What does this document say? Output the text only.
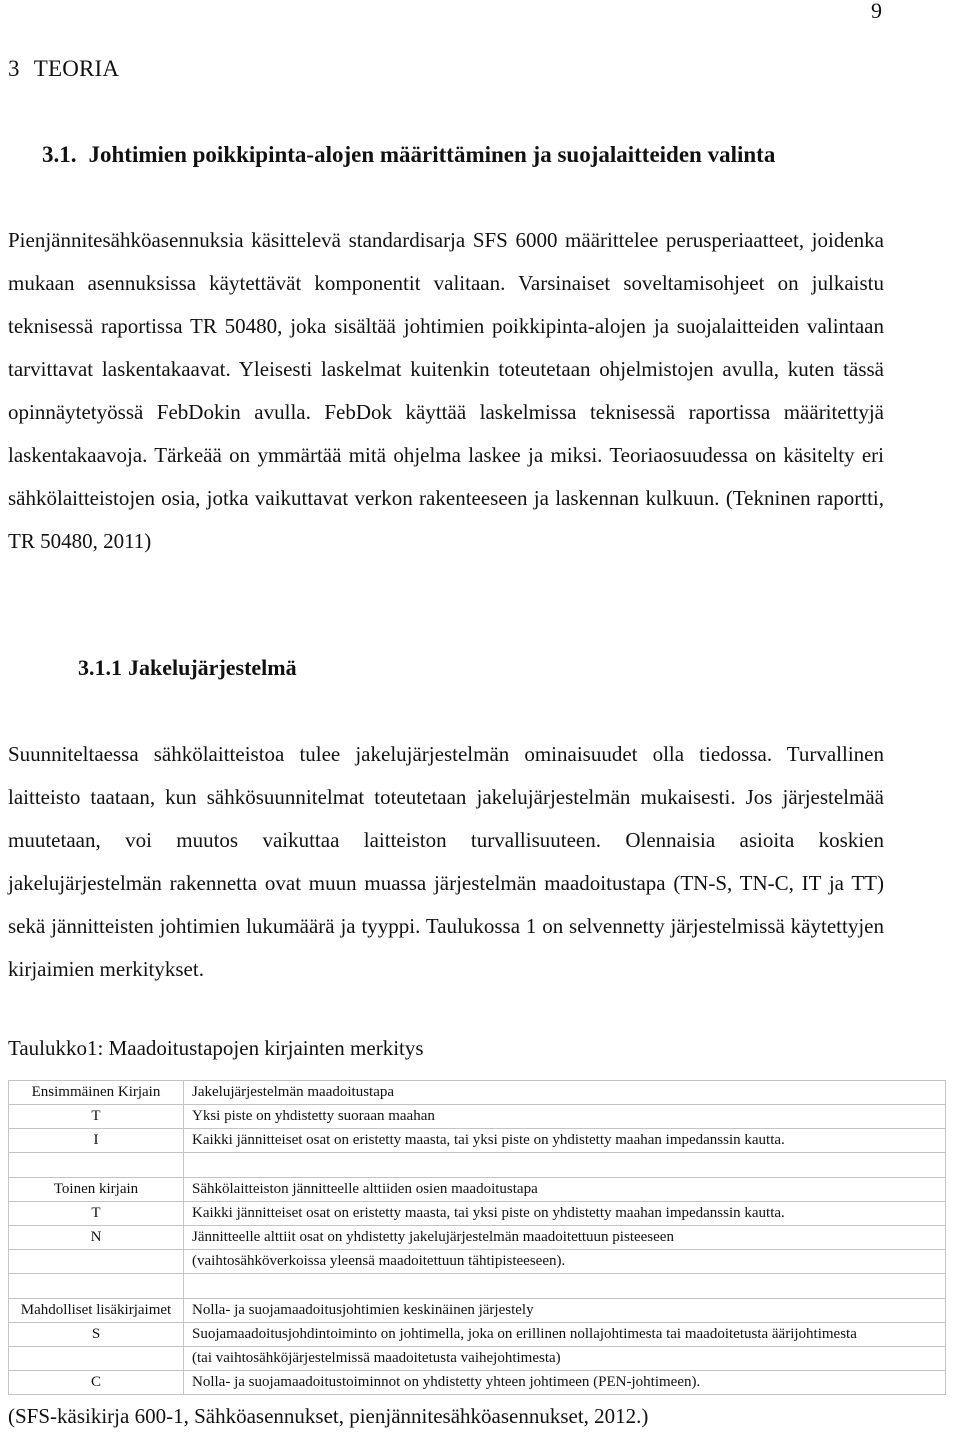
9
3 TEORIA
3.1. Johtimien poikkipinta-alojen määrittäminen ja suojalaitteiden valinta

Pienjännitesähköasennuksia käsittelevä standardisarja SFS 6000 määrittelee perusperiaatteet, joidenka mukaan asennuksissa käytettävät komponentit valitaan. Varsinaiset soveltamisohjeet on julkaistu teknisessä raportissa TR 50480, joka sisältää johtimien poikkipinta-alojen ja suojalaitteiden valintaan tarvittavat laskentakaavat. Yleisesti laskelmat kuitenkin toteutetaan ohjelmistojen avulla, kuten tässä opinnäytetyössä FebDokin avulla. FebDok käyttää laskelmissa teknisessä raportissa määritettyjä laskentakaavoja. Tärkeää on ymmärtää mitä ohjelma laskee ja miksi. Teoriaosuudessa on käsitelty eri sähkölaitteistojen osia, jotka vaikuttavat verkon rakenteeseen ja laskennan kulkuun. (Tekninen raportti, TR 50480, 2011)

3.1.1 Jakelujärjestelmä

Suunniteltaessa sähkölaitteistoa tulee jakelujärjestelmän ominaisuudet olla tiedossa. Turvallinen laitteisto taataan, kun sähkösuunnitelmat toteutetaan jakelujärjestelmän mukaisesti. Jos järjestelmää muutetaan, voi muutos vaikuttaa laitteiston turvallisuuteen. Olennaisia asioita koskien jakelujärjestelmän rakennetta ovat muun muassa järjestelmän maadoitustapa (TN-S, TN-C, IT ja TT) sekä jännitteisten johtimien lukumäärä ja tyyppi. Taulukossa 1 on selvennetty järjestelmissä käytettyjen kirjaimien merkitykset.

Taulukko1: Maadoitustapojen kirjainten merkitys
Ensimmäinen Kirjain	Jakelujärjestelmän maadoitustapa
T	Yksi piste on yhdistetty suoraan maahan
I	Kaikki jännitteiset osat on eristetty maasta, tai yksi piste on yhdistetty maahan impedanssin kautta.

Toinen kirjain	Sähkölaitteiston jännitteelle alttiiden osien maadoitustapa
T	Kaikki jännitteiset osat on eristetty maasta, tai yksi piste on yhdistetty maahan impedanssin kautta.
N	Jännitteelle alttiit osat on yhdistetty jakelujärjestelmän maadoitettuun pisteeseen
	(vaihtosähköverkoissa yleensä maadoitettuun tähtipisteeseen).

Mahdolliset lisäkirjaimet	Nolla- ja suojamaadoitusjohtimien keskinäinen järjestely
S	Suojamaadoitusjohdintoiminto on johtimella, joka on erillinen nollajohtimesta tai maadoitetusta äärijohtimesta
	(tai vaihtosähköjärjestelmissä maadoitetusta vaihejohtimesta)
C	Nolla- ja suojamaadoitustoiminnot on yhdistetty yhteen johtimeen (PEN-johtimeen).
(SFS-käsikirja 600-1, Sähköasennukset, pienjännitesähköasennukset, 2012.)
